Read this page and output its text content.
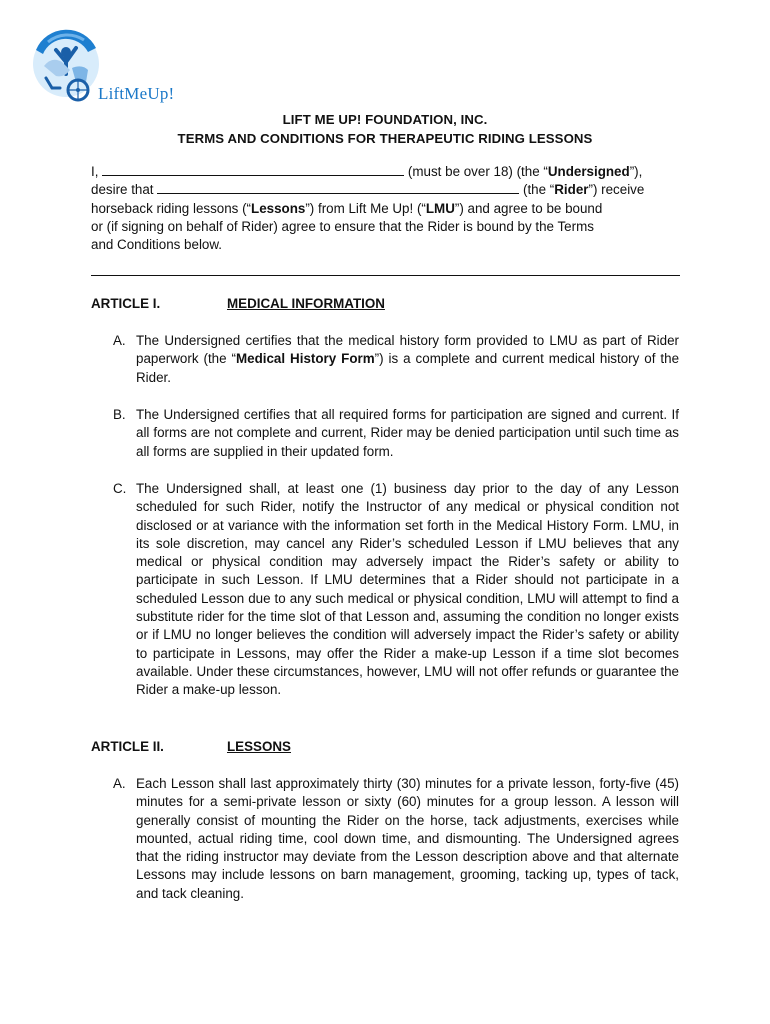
LiftMeUp!
LIFT ME UP! FOUNDATION, INC.
TERMS AND CONDITIONS FOR THERAPEUTIC RIDING LESSONS
I,	(must be over 18) (the “Undersigned”),
desire that	(the “Rider”) receive
horseback riding lessons (“Lessons”) from Lift Me Up! (“LMU”) and agree to be bound
or (if signing on behalf of Rider) agree to ensure that the Rider is bound by the Terms
and Conditions below.
ARTICLE I.	MEDICAL INFORMATION
A. The Undersigned certifies that the medical history form provided to LMU as part of Rider paperwork (the “Medical History Form”) is a complete and current medical history of the Rider.
B. The Undersigned certifies that all required forms for participation are signed and current. If all forms are not complete and current, Rider may be denied participation until such time as all forms are supplied in their updated form.
C. The Undersigned shall, at least one (1) business day prior to the day of any Lesson scheduled for such Rider, notify the Instructor of any medical or physical condition not disclosed or at variance with the information set forth in the Medical History Form. LMU, in its sole discretion, may cancel any Rider’s scheduled Lesson if LMU believes that any medical or physical condition may adversely impact the Rider’s safety or ability to participate in such Lesson. If LMU determines that a Rider should not participate in a scheduled Lesson due to any such medical or physical condition, LMU will attempt to find a substitute rider for the time slot of that Lesson and, assuming the condition no longer exists or if LMU no longer believes the condition will adversely impact the Rider’s safety or ability to participate in Lessons, may offer the Rider a make-up Lesson if a time slot becomes available. Under these circumstances, however, LMU will not offer refunds or guarantee the Rider a make-up lesson.
ARTICLE II.	LESSONS
A. Each Lesson shall last approximately thirty (30) minutes for a private lesson, forty-five (45) minutes for a semi-private lesson or sixty (60) minutes for a group lesson. A lesson will generally consist of mounting the Rider on the horse, tack adjustments, exercises while mounted, actual riding time, cool down time, and dismounting. The Undersigned agrees that the riding instructor may deviate from the Lesson description above and that alternate Lessons may include lessons on barn management, grooming, tacking up, types of tack, and tack cleaning.
